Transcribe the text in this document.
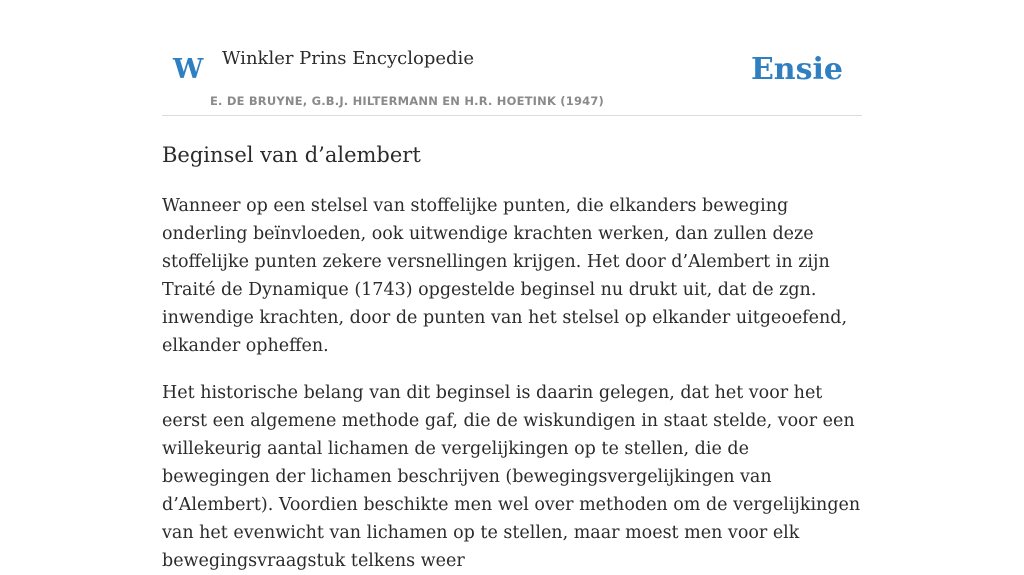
W Winkler Prins Encyclopedie
E. DE BRUYNE, G.B.J. HILTERMANN EN H.R. HOETINK (1947)
Ensie
Beginsel van d’alembert

Wanneer op een stelsel van stoffelijke punten, die elkanders beweging onderling beïnvloeden, ook uitwendige krachten werken, dan zullen deze stoffelijke punten zekere versnellingen krijgen. Het door d’Alembert in zijn Traité de Dynamique (1743) opgestelde beginsel nu drukt uit, dat de zgn. inwendige krachten, door de punten van het stelsel op elkander uitgeoefend, elkander opheffen.

Het historische belang van dit beginsel is daarin gelegen, dat het voor het eerst een algemene methode gaf, die de wiskundigen in staat stelde, voor een willekeurig aantal lichamen de vergelijkingen op te stellen, die de bewegingen der lichamen beschrijven (bewegingsvergelijkingen van d’Alembert). Voordien beschikte men wel over methoden om de vergelijkingen van het evenwicht van lichamen op te stellen, maar moest men voor elk bewegingsvraagstuk telkens weer
